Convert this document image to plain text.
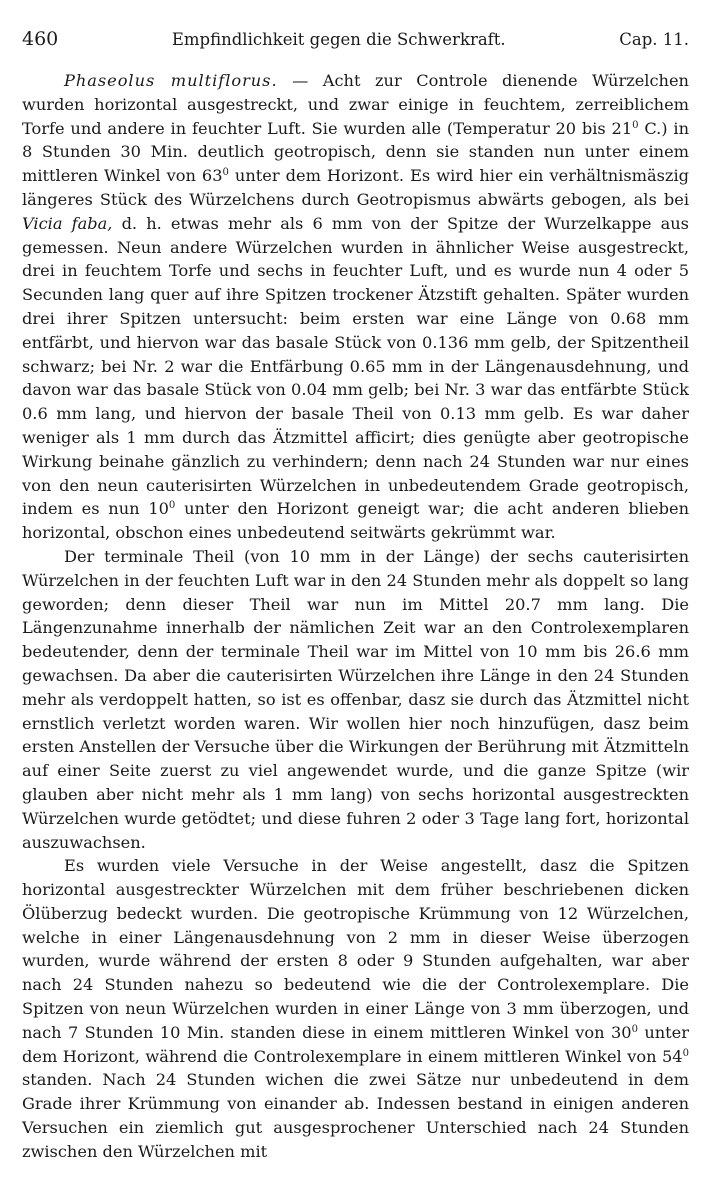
460	Empfindlichkeit gegen die Schwerkraft.	Cap. 11.

Phaseolus multiflorus. — Acht zur Controle dienende Würzelchen wurden horizontal ausgestreckt, und zwar einige in feuchtem, zerreiblichem Torfe und andere in feuchter Luft. Sie wurden alle (Temperatur 20 bis $21^0$ C.) in 8 Stunden 30 Min. deutlich geotropisch, denn sie standen nun unter einem mittleren Winkel von $63^0$ unter dem Horizont. Es wird hier ein verhältnismäszig längeres Stück des Würzelchens durch Geotropismus abwärts gebogen, als bei Vicia faba, d. h. etwas mehr als 6 mm von der Spitze der Wurzelkappe aus gemessen. Neun andere Würzelchen wurden in ähnlicher Weise ausgestreckt, drei in feuchtem Torfe und sechs in feuchter Luft, und es wurde nun 4 oder 5 Secunden lang quer auf ihre Spitzen trockener Ätzstift gehalten. Später wurden drei ihrer Spitzen untersucht: beim ersten war eine Länge von 0.68 mm entfärbt, und hiervon war das basale Stück von 0.136 mm gelb, der Spitzentheil schwarz; bei Nr. 2 war die Entfärbung 0.65 mm in der Längenausdehnung, und davon war das basale Stück von 0.04 mm gelb; bei Nr. 3 war das entfärbte Stück 0.6 mm lang, und hiervon der basale Theil von 0.13 mm gelb. Es war daher weniger als 1 mm durch das Ätzmittel afficirt; dies genügte aber geotropische Wirkung beinahe gänzlich zu verhindern; denn nach 24 Stunden war nur eines von den neun cauterisirten Würzelchen in unbedeutendem Grade geotropisch, indem es nun $10^0$ unter den Horizont geneigt war; die acht anderen blieben horizontal, obschon eines unbedeutend seitwärts gekrümmt war.

Der terminale Theil (von 10 mm in der Länge) der sechs cauterisirten Würzelchen in der feuchten Luft war in den 24 Stunden mehr als doppelt so lang geworden; denn dieser Theil war nun im Mittel 20.7 mm lang. Die Längenzunahme innerhalb der nämlichen Zeit war an den Controlexemplaren bedeutender, denn der terminale Theil war im Mittel von 10 mm bis 26.6 mm gewachsen. Da aber die cauterisirten Würzelchen ihre Länge in den 24 Stunden mehr als verdoppelt hatten, so ist es offenbar, dasz sie durch das Ätzmittel nicht ernstlich verletzt worden waren. Wir wollen hier noch hinzufügen, dasz beim ersten Anstellen der Versuche über die Wirkungen der Berührung mit Ätzmitteln auf einer Seite zuerst zu viel angewendet wurde, und die ganze Spitze (wir glauben aber nicht mehr als 1 mm lang) von sechs horizontal ausgestreckten Würzelchen wurde getödtet; und diese fuhren 2 oder 3 Tage lang fort, horizontal auszuwachsen.

Es wurden viele Versuche in der Weise angestellt, dasz die Spitzen horizontal ausgestreckter Würzelchen mit dem früher beschriebenen dicken Ölüberzug bedeckt wurden. Die geotropische Krümmung von 12 Würzelchen, welche in einer Längenausdehnung von 2 mm in dieser Weise überzogen wurden, wurde während der ersten 8 oder 9 Stunden aufgehalten, war aber nach 24 Stunden nahezu so bedeutend wie die der Controlexemplare. Die Spitzen von neun Würzelchen wurden in einer Länge von 3 mm überzogen, und nach 7 Stunden 10 Min. standen diese in einem mittleren Winkel von $30^0$ unter dem Horizont, während die Controlexemplare in einem mittleren Winkel von $54^0$ standen. Nach 24 Stunden wichen die zwei Sätze nur unbedeutend in dem Grade ihrer Krümmung von einander ab. Indessen bestand in einigen anderen Versuchen ein ziemlich gut ausgesprochener Unterschied nach 24 Stunden zwischen den Würzelchen mit
